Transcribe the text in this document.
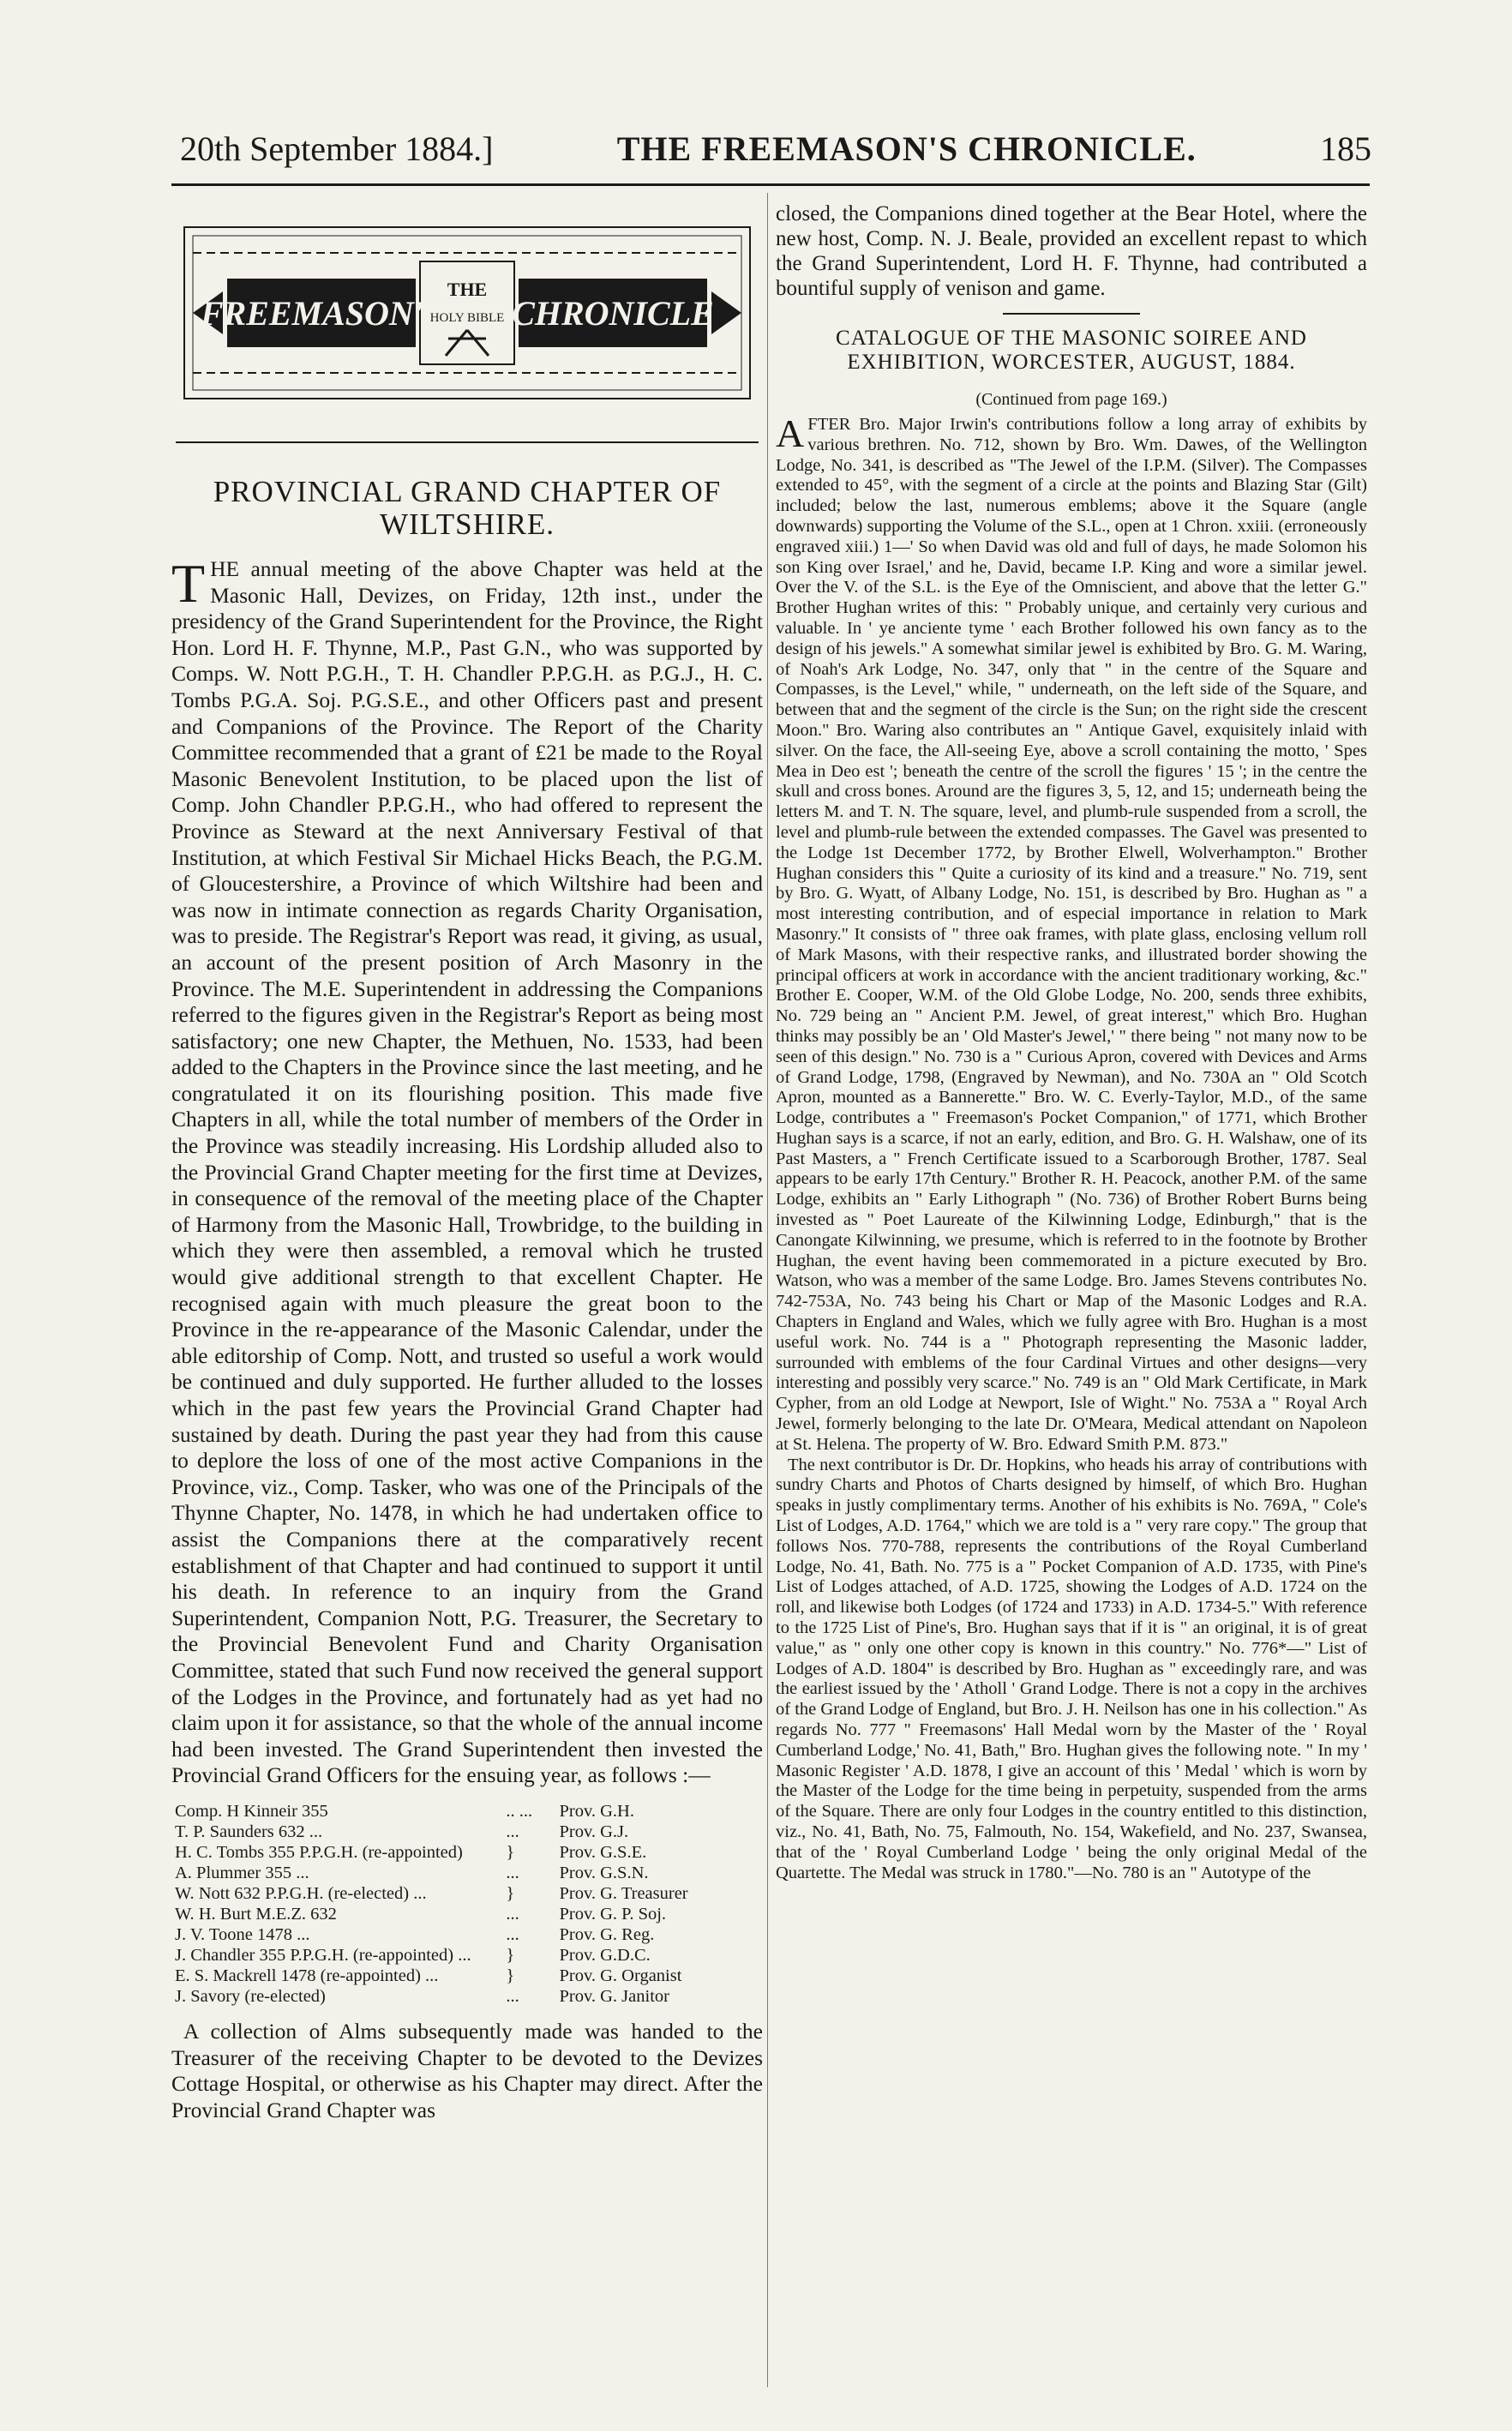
20th September 1884.]	THE FREEMASON'S CHRONICLE.	185
FREEMASON'S CHRONICLE
THE
HOLY BIBLE
PROVINCIAL GRAND CHAPTER OF
WILTSHIRE.

THE annual meeting of the above Chapter was held at the Masonic Hall, Devizes, on Friday, 12th inst., under the presidency of the Grand Superintendent for the Province, the Right Hon. Lord H. F. Thynne, M.P., Past G.N., who was supported by Comps. W. Nott P.G.H., T. H. Chandler P.P.G.H. as P.G.J., H. C. Tombs P.G.A. Soj. P.G.S.E., and other Officers past and present and Companions of the Province. The Report of the Charity Committee recommended that a grant of £21 be made to the Royal Masonic Benevolent Institution, to be placed upon the list of Comp. John Chandler P.P.G.H., who had offered to represent the Province as Steward at the next Anniversary Festival of that Institution, at which Festival Sir Michael Hicks Beach, the P.G.M. of Gloucestershire, a Province of which Wiltshire had been and was now in intimate connection as regards Charity Organisation, was to preside. The Registrar's Report was read, it giving, as usual, an account of the present position of Arch Masonry in the Province. The M.E. Superintendent in addressing the Companions referred to the figures given in the Registrar's Report as being most satisfactory; one new Chapter, the Methuen, No. 1533, had been added to the Chapters in the Province since the last meeting, and he congratulated it on its flourishing position. This made five Chapters in all, while the total number of members of the Order in the Province was steadily increasing. His Lordship alluded also to the Provincial Grand Chapter meeting for the first time at Devizes, in consequence of the removal of the meeting place of the Chapter of Harmony from the Masonic Hall, Trowbridge, to the building in which they were then assembled, a removal which he trusted would give additional strength to that excellent Chapter. He recognised again with much pleasure the great boon to the Province in the re-appearance of the Masonic Calendar, under the able editorship of Comp. Nott, and trusted so useful a work would be continued and duly supported. He further alluded to the losses which in the past few years the Provincial Grand Chapter had sustained by death. During the past year they had from this cause to deplore the loss of one of the most active Companions in the Province, viz., Comp. Tasker, who was one of the Principals of the Thynne Chapter, No. 1478, in which he had undertaken office to assist the Companions there at the comparatively recent establishment of that Chapter and had continued to support it until his death. In reference to an inquiry from the Grand Superintendent, Companion Nott, P.G. Treasurer, the Secretary to the Provincial Benevolent Fund and Charity Organisation Committee, stated that such Fund now received the general support of the Lodges in the Province, and fortunately had as yet had no claim upon it for assistance, so that the whole of the annual income had been invested. The Grand Superintendent then invested the Provincial Grand Officers for the ensuing year, as follows :—

Comp. H Kinneir 355	.. ...	Prov. G.H.
T. P. Saunders 632 ...	...	Prov. G.J.
H. C. Tombs 355 P.P.G.H. (re-appointed)	}	Prov. G.S.E.
A. Plummer 355 ...	...	Prov. G.S.N.
W. Nott 632 P.P.G.H. (re-elected) ...	}	Prov. G. Treasurer
W. H. Burt M.E.Z. 632	...	Prov. G. P. Soj.
J. V. Toone 1478 ...	...	Prov. G. Reg.
J. Chandler 355 P.P.G.H. (re-appointed) ...	}	Prov. G.D.C.
E. S. Mackrell 1478 (re-appointed) ...	}	Prov. G. Organist
J. Savory (re-elected)	...	Prov. G. Janitor

A collection of Alms subsequently made was handed to the Treasurer of the receiving Chapter to be devoted to the Devizes Cottage Hospital, or otherwise as his Chapter may direct. After the Provincial Grand Chapter was

closed, the Companions dined together at the Bear Hotel, where the new host, Comp. N. J. Beale, provided an excellent repast to which the Grand Superintendent, Lord H. F. Thynne, had contributed a bountiful supply of venison and game.

CATALOGUE OF THE MASONIC SOIREE AND
EXHIBITION, WORCESTER, AUGUST, 1884.
(Continued from page 169.)

AFTER Bro. Major Irwin's contributions follow a long array of exhibits by various brethren. No. 712, shown by Bro. Wm. Dawes, of the Wellington Lodge, No. 341, is described as "The Jewel of the I.P.M. (Silver). The Compasses extended to 45°, with the segment of a circle at the points and Blazing Star (Gilt) included; below the last, numerous emblems; above it the Square (angle downwards) supporting the Volume of the S.L., open at 1 Chron. xxiii. (erroneously engraved xiii.) 1—' So when David was old and full of days, he made Solomon his son King over Israel,' and he, David, became I.P. King and wore a similar jewel. Over the V. of the S.L. is the Eye of the Omniscient, and above that the letter G." Brother Hughan writes of this: " Probably unique, and certainly very curious and valuable. In ' ye anciente tyme ' each Brother followed his own fancy as to the design of his jewels." A somewhat similar jewel is exhibited by Bro. G. M. Waring, of Noah's Ark Lodge, No. 347, only that " in the centre of the Square and Compasses, is the Level," while, " underneath, on the left side of the Square, and between that and the segment of the circle is the Sun; on the right side the crescent Moon." Bro. Waring also contributes an " Antique Gavel, exquisitely inlaid with silver. On the face, the All-seeing Eye, above a scroll containing the motto, ' Spes Mea in Deo est '; beneath the centre of the scroll the figures ' 15 '; in the centre the skull and cross bones. Around are the figures 3, 5, 12, and 15; underneath being the letters M. and T. N. The square, level, and plumb-rule suspended from a scroll, the level and plumb-rule between the extended compasses. The Gavel was presented to the Lodge 1st December 1772, by Brother Elwell, Wolverhampton." Brother Hughan considers this " Quite a curiosity of its kind and a treasure." No. 719, sent by Bro. G. Wyatt, of Albany Lodge, No. 151, is described by Bro. Hughan as " a most interesting contribution, and of especial importance in relation to Mark Masonry." It consists of " three oak frames, with plate glass, enclosing vellum roll of Mark Masons, with their respective ranks, and illustrated border showing the principal officers at work in accordance with the ancient traditionary working, &c." Brother E. Cooper, W.M. of the Old Globe Lodge, No. 200, sends three exhibits, No. 729 being an " Ancient P.M. Jewel, of great interest," which Bro. Hughan thinks may possibly be an ' Old Master's Jewel,' " there being " not many now to be seen of this design." No. 730 is a " Curious Apron, covered with Devices and Arms of Grand Lodge, 1798, (Engraved by Newman), and No. 730A an " Old Scotch Apron, mounted as a Bannerette." Bro. W. C. Everly-Taylor, M.D., of the same Lodge, contributes a " Freemason's Pocket Companion," of 1771, which Brother Hughan says is a scarce, if not an early, edition, and Bro. G. H. Walshaw, one of its Past Masters, a " French Certificate issued to a Scarborough Brother, 1787. Seal appears to be early 17th Century." Brother R. H. Peacock, another P.M. of the same Lodge, exhibits an " Early Lithograph " (No. 736) of Brother Robert Burns being invested as " Poet Laureate of the Kilwinning Lodge, Edinburgh," that is the Canongate Kilwinning, we presume, which is referred to in the footnote by Brother Hughan, the event having been commemorated in a picture executed by Bro. Watson, who was a member of the same Lodge. Bro. James Stevens contributes No. 742-753A, No. 743 being his Chart or Map of the Masonic Lodges and R.A. Chapters in England and Wales, which we fully agree with Bro. Hughan is a most useful work. No. 744 is a " Photograph representing the Masonic ladder, surrounded with emblems of the four Cardinal Virtues and other designs—very interesting and possibly very scarce." No. 749 is an " Old Mark Certificate, in Mark Cypher, from an old Lodge at Newport, Isle of Wight." No. 753A a " Royal Arch Jewel, formerly belonging to the late Dr. O'Meara, Medical attendant on Napoleon at St. Helena. The property of W. Bro. Edward Smith P.M. 873."

The next contributor is Dr. Dr. Hopkins, who heads his array of contributions with sundry Charts and Photos of Charts designed by himself, of which Bro. Hughan speaks in justly complimentary terms. Another of his exhibits is No. 769A, " Cole's List of Lodges, A.D. 1764," which we are told is a " very rare copy." The group that follows Nos. 770-788, represents the contributions of the Royal Cumberland Lodge, No. 41, Bath. No. 775 is a " Pocket Companion of A.D. 1735, with Pine's List of Lodges attached, of A.D. 1725, showing the Lodges of A.D. 1724 on the roll, and likewise both Lodges (of 1724 and 1733) in A.D. 1734-5." With reference to the 1725 List of Pine's, Bro. Hughan says that if it is " an original, it is of great value," as " only one other copy is known in this country." No. 776*—" List of Lodges of A.D. 1804" is described by Bro. Hughan as " exceedingly rare, and was the earliest issued by the ' Atholl ' Grand Lodge. There is not a copy in the archives of the Grand Lodge of England, but Bro. J. H. Neilson has one in his collection." As regards No. 777 " Freemasons' Hall Medal worn by the Master of the ' Royal Cumberland Lodge,' No. 41, Bath," Bro. Hughan gives the following note. " In my ' Masonic Register ' A.D. 1878, I give an account of this ' Medal ' which is worn by the Master of the Lodge for the time being in perpetuity, suspended from the arms of the Square. There are only four Lodges in the country entitled to this distinction, viz., No. 41, Bath, No. 75, Falmouth, No. 154, Wakefield, and No. 237, Swansea, that of the ' Royal Cumberland Lodge ' being the only original Medal of the Quartette. The Medal was struck in 1780."—No. 780 is an " Autotype of the
